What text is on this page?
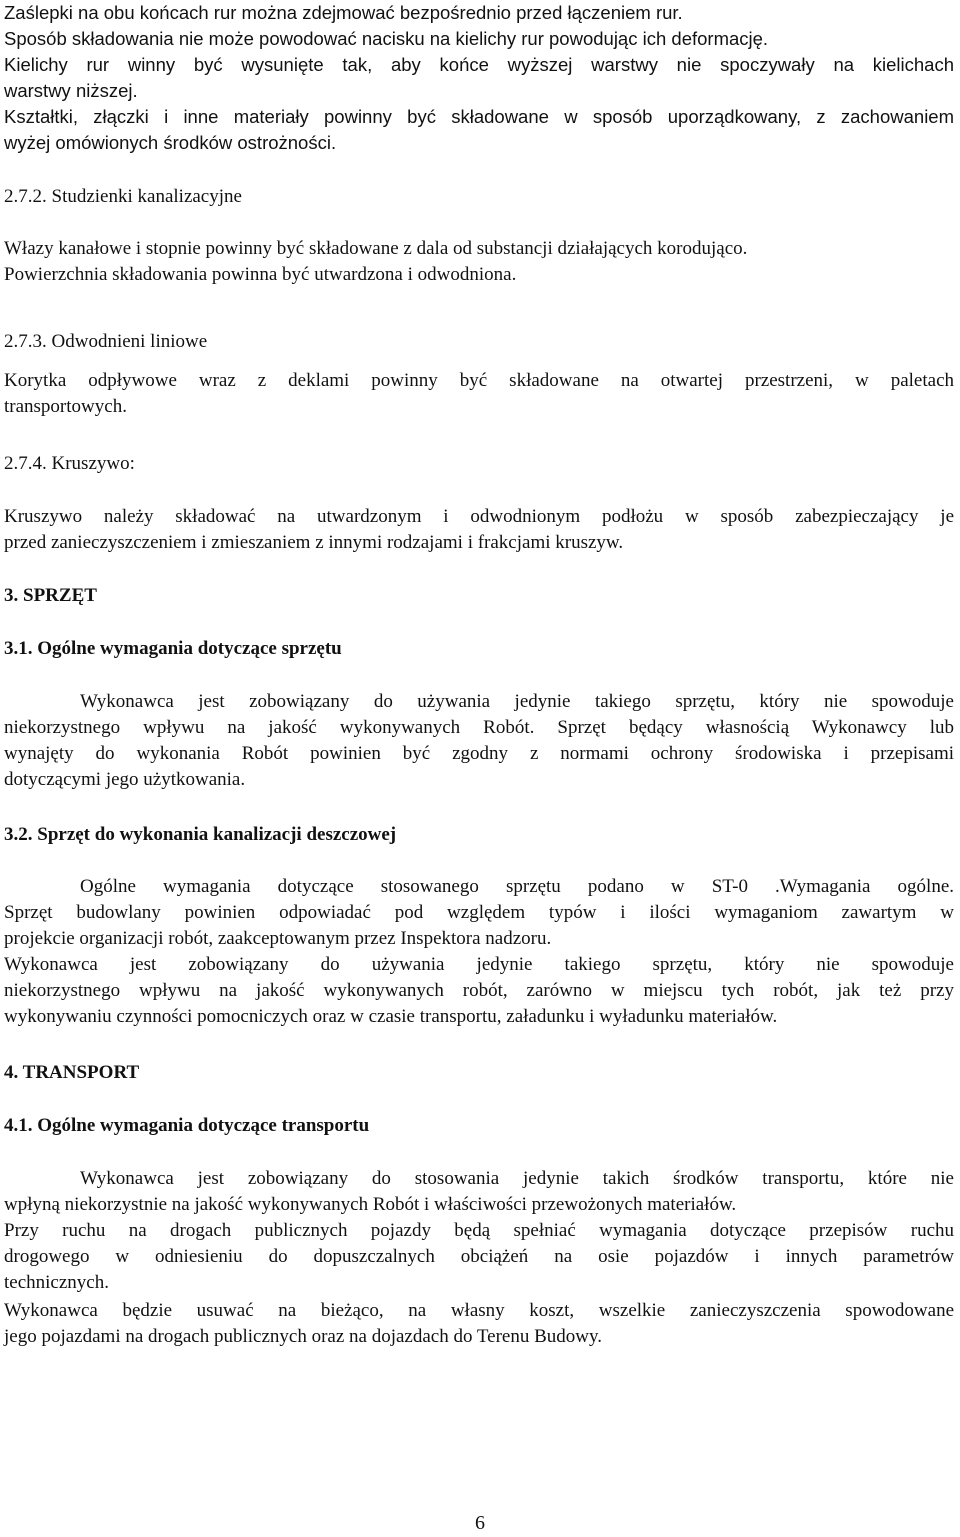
Zaślepki na obu końcach rur można zdejmować bezpośrednio przed łączeniem rur.
Sposób składowania nie może powodować nacisku na kielichy rur powodując ich deformację.
Kielichy rur winny być wysunięte tak, aby końce wyższej warstwy nie spoczywały na kielichach
warstwy niższej.
Kształtki, złączki i inne materiały powinny być składowane w sposób uporządkowany, z zachowaniem
wyżej omówionych środków ostrożności.
2.7.2. Studzienki kanalizacyjne
Włazy kanałowe i stopnie powinny być składowane z dala od substancji działających korodująco.
Powierzchnia składowania powinna być utwardzona i odwodniona.
2.7.3. Odwodnieni liniowe
Korytka odpływowe wraz z deklami powinny być składowane na otwartej przestrzeni, w paletach
transportowych.
2.7.4. Kruszywo:
Kruszywo należy składować na utwardzonym i odwodnionym podłożu w sposób zabezpieczający je
przed zanieczyszczeniem i zmieszaniem z innymi rodzajami i frakcjami kruszyw.
3. SPRZĘT
3.1. Ogólne wymagania dotyczące sprzętu
Wykonawca jest zobowiązany do używania jedynie takiego sprzętu, który nie spowoduje
niekorzystnego wpływu na jakość wykonywanych Robót. Sprzęt będący własnością Wykonawcy lub
wynajęty do wykonania Robót powinien być zgodny z normami ochrony środowiska i przepisami
dotyczącymi jego użytkowania.
3.2. Sprzęt do wykonania kanalizacji deszczowej
Ogólne wymagania dotyczące stosowanego sprzętu podano w ST-0 .Wymagania ogólne.
Sprzęt budowlany powinien odpowiadać pod względem typów i ilości wymaganiom zawartym w
projekcie organizacji robót, zaakceptowanym przez Inspektora nadzoru.
Wykonawca jest zobowiązany do używania jedynie takiego sprzętu, który nie spowoduje
niekorzystnego wpływu na jakość wykonywanych robót, zarówno w miejscu tych robót, jak też przy
wykonywaniu czynności pomocniczych oraz w czasie transportu, załadunku i wyładunku materiałów.
4. TRANSPORT
4.1. Ogólne wymagania dotyczące transportu
Wykonawca jest zobowiązany do stosowania jedynie takich środków transportu, które nie
wpłyną niekorzystnie na jakość wykonywanych Robót i właściwości przewożonych materiałów.
Przy ruchu na drogach publicznych pojazdy będą spełniać wymagania dotyczące przepisów ruchu
drogowego w odniesieniu do dopuszczalnych obciążeń na osie pojazdów i innych parametrów
technicznych.
Wykonawca będzie usuwać na bieżąco, na własny koszt, wszelkie zanieczyszczenia spowodowane
jego pojazdami na drogach publicznych oraz na dojazdach do Terenu Budowy.
6
